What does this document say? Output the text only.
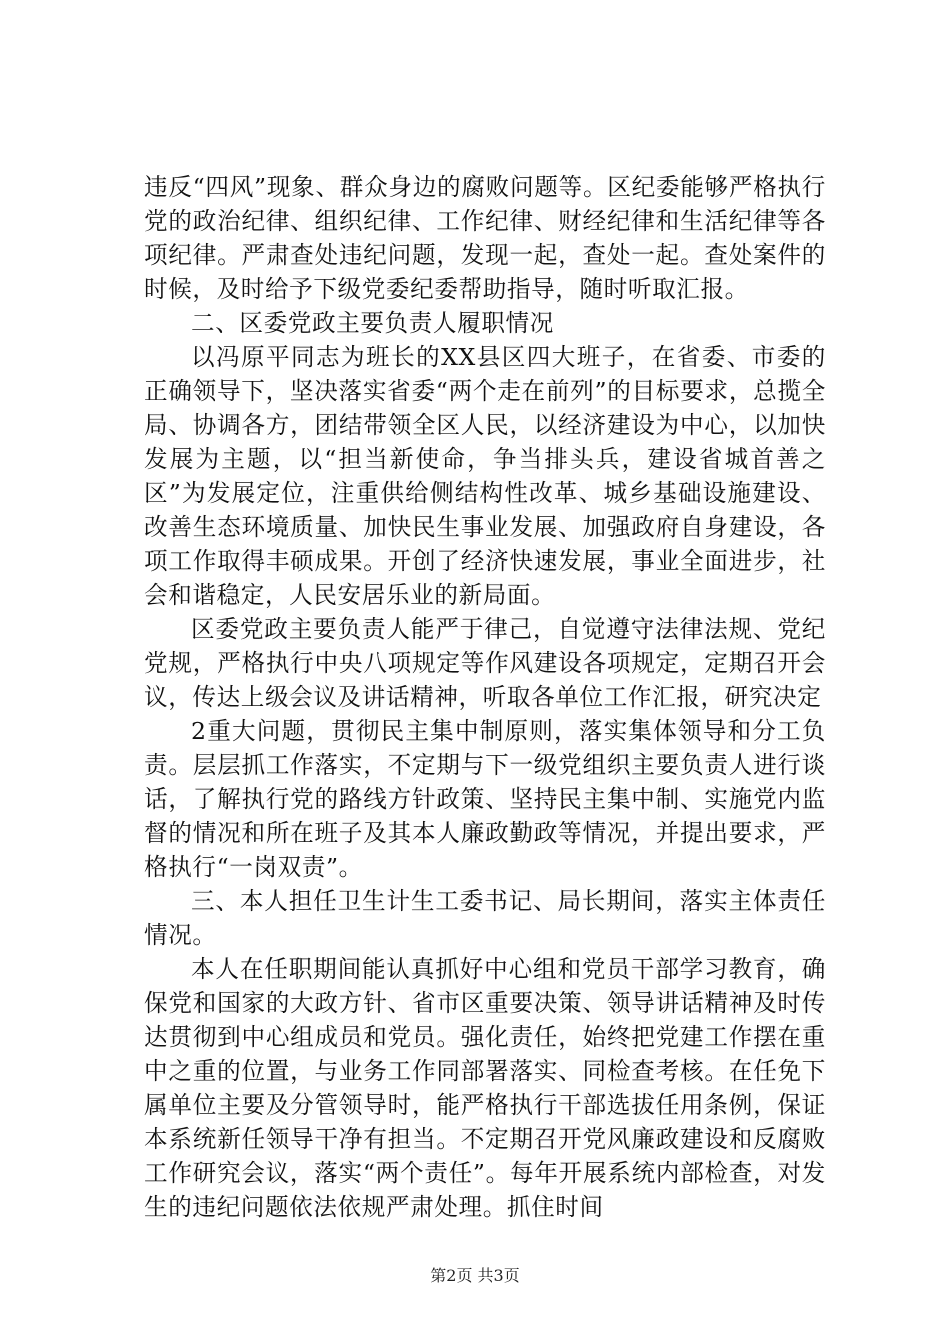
违反“四风”现象、群众身边的腐败问题等。区纪委能够严格执行党的政治纪律、组织纪律、工作纪律、财经纪律和生活纪律等各项纪律。严肃查处违纪问题，发现一起，查处一起。查处案件的时候，及时给予下级党委纪委帮助指导，随时听取汇报。

二、区委党政主要负责人履职情况

以冯原平同志为班长的XX县区四大班子，在省委、市委的正确领导下，坚决落实省委“两个走在前列”的目标要求，总揽全局、协调各方，团结带领全区人民，以经济建设为中心，以加快发展为主题，以“担当新使命，争当排头兵，建设省城首善之区”为发展定位，注重供给侧结构性改革、城乡基础设施建设、改善生态环境质量、加快民生事业发展、加强政府自身建设，各项工作取得丰硕成果。开创了经济快速发展，事业全面进步，社会和谐稳定，人民安居乐业的新局面。

区委党政主要负责人能严于律己，自觉遵守法律法规、党纪党规，严格执行中央八项规定等作风建设各项规定，定期召开会议，传达上级会议及讲话精神，听取各单位工作汇报，研究决定

2重大问题，贯彻民主集中制原则，落实集体领导和分工负责。层层抓工作落实，不定期与下一级党组织主要负责人进行谈话，了解执行党的路线方针政策、坚持民主集中制、实施党内监督的情况和所在班子及其本人廉政勤政等情况，并提出要求，严格执行“一岗双责”。

三、本人担任卫生计生工委书记、局长期间，落实主体责任情况。

本人在任职期间能认真抓好中心组和党员干部学习教育，确保党和国家的大政方针、省市区重要决策、领导讲话精神及时传达贯彻到中心组成员和党员。强化责任，始终把党建工作摆在重中之重的位置，与业务工作同部署落实、同检查考核。在任免下属单位主要及分管领导时，能严格执行干部选拔任用条例，保证本系统新任领导干净有担当。不定期召开党风廉政建设和反腐败工作研究会议，落实“两个责任”。每年开展系统内部检查，对发生的违纪问题依法依规严肃处理。抓住时间

第2页 共3页
